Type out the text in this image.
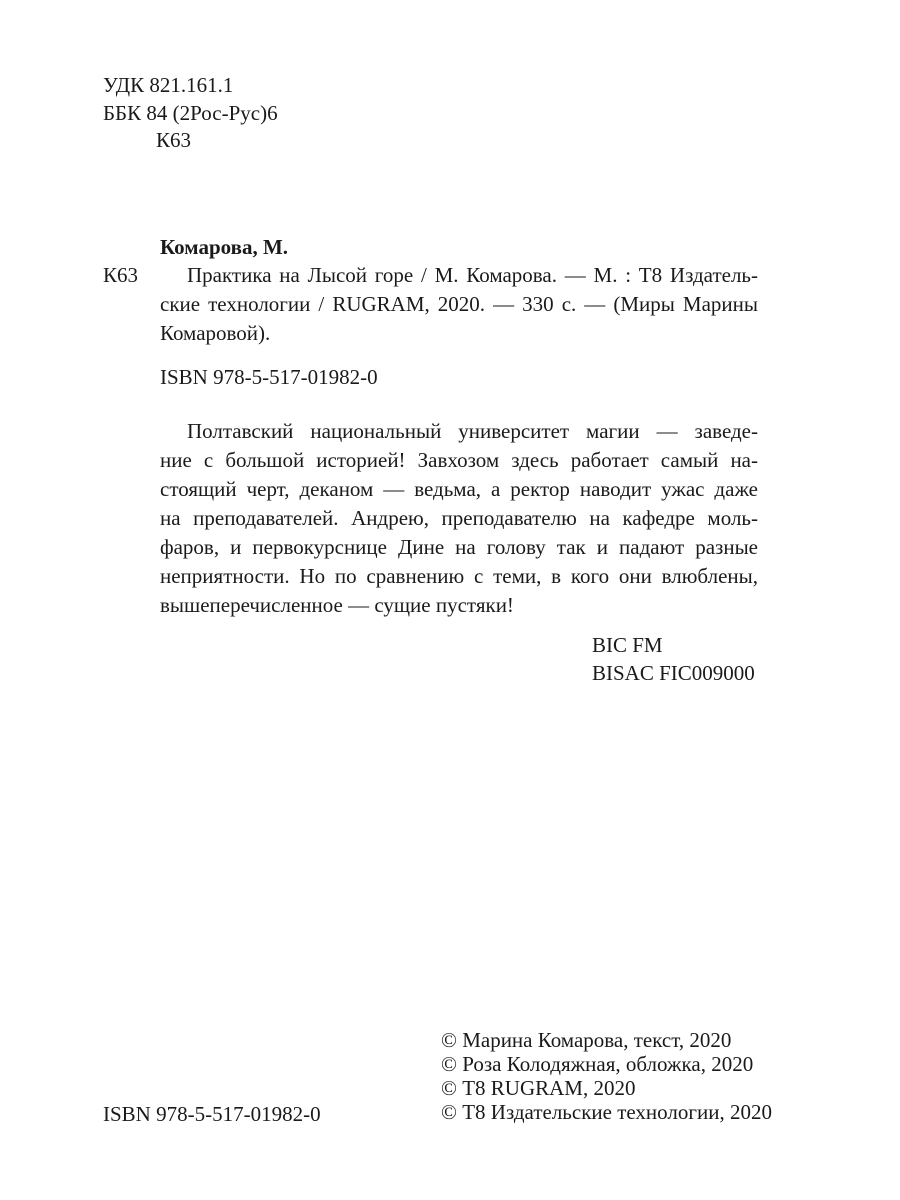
УДК 821.161.1
ББК 84 (2Рос-Рус)6
К63
Комарова, М.
К63	Практика на Лысой горе / М. Комарова. — М. : Т8 Издатель-
ские технологии / RUGRAM, 2020. — 330 с. — (Миры Марины
Комаровой).
ISBN 978-5-517-01982-0
Полтавский национальный университет магии — заведе-
ние с большой историей! Завхозом здесь работает самый на-
стоящий черт, деканом — ведьма, а ректор наводит ужас даже
на преподавателей. Андрею, преподавателю на кафедре моль-
фаров, и первокурснице Дине на голову так и падают разные
неприятности. Но по сравнению с теми, в кого они влюблены,
вышеперечисленное — сущие пустяки!
BIC FM
BISAC FIC009000
ISBN 978-5-517-01982-0
© Марина Комарова, текст, 2020
© Роза Колодяжная, обложка, 2020
© Т8 RUGRAM, 2020
© Т8 Издательские технологии, 2020
